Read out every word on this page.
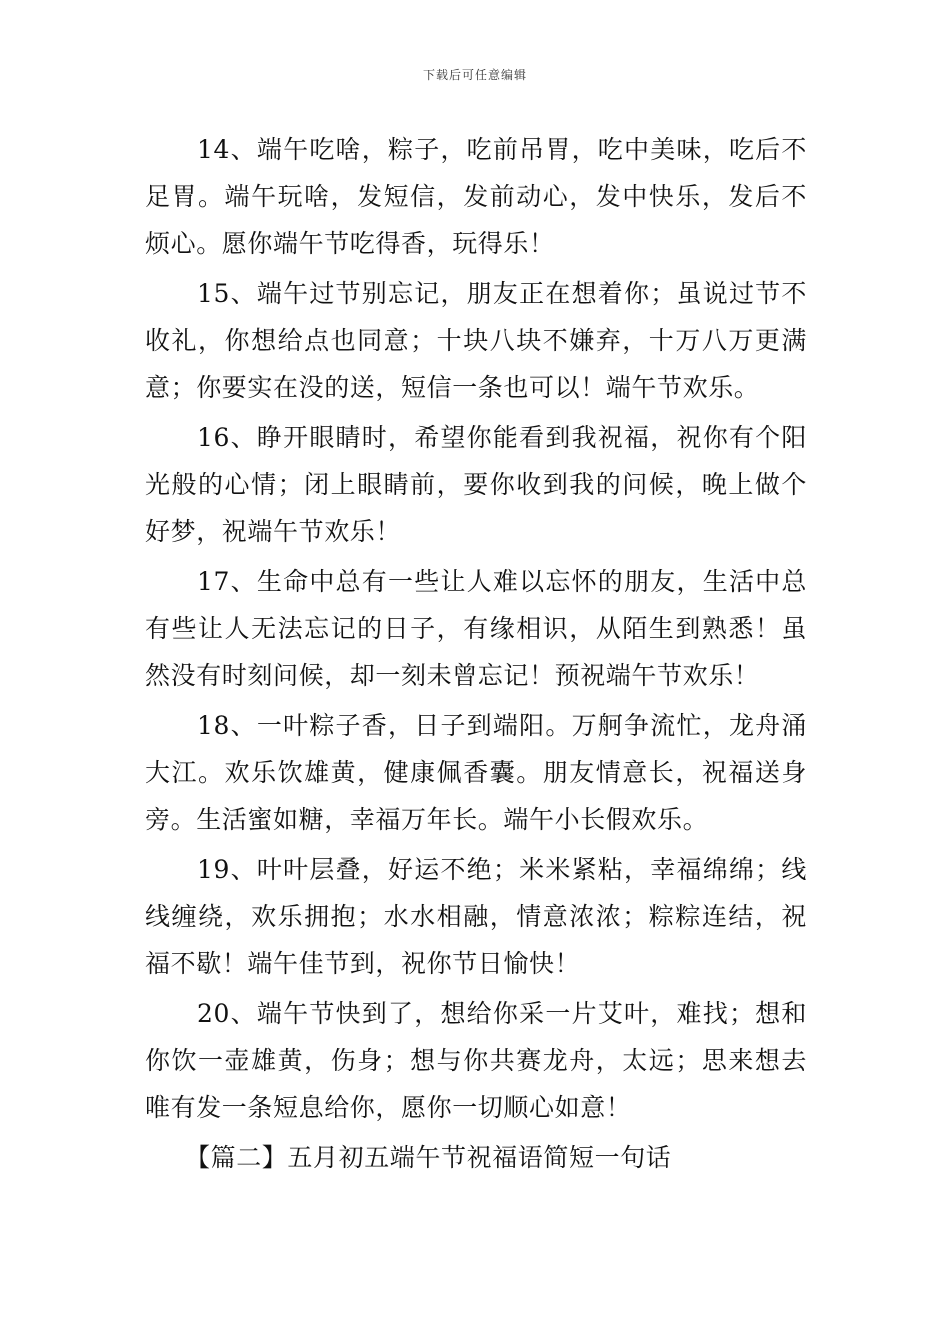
下载后可任意编辑

14、端午吃啥，粽子，吃前吊胃，吃中美味，吃后不足胃。端午玩啥，发短信，发前动心，发中快乐，发后不烦心。愿你端午节吃得香，玩得乐！

15、端午过节别忘记，朋友正在想着你；虽说过节不收礼，你想给点也同意；十块八块不嫌弃，十万八万更满意；你要实在没的送，短信一条也可以！端午节欢乐。

16、睁开眼睛时，希望你能看到我祝福，祝你有个阳光般的心情；闭上眼睛前，要你收到我的问候，晚上做个好梦，祝端午节欢乐！

17、生命中总有一些让人难以忘怀的朋友，生活中总有些让人无法忘记的日子，有缘相识，从陌生到熟悉！虽然没有时刻问候，却一刻未曾忘记！预祝端午节欢乐！

18、一叶粽子香，日子到端阳。万舸争流忙，龙舟涌大江。欢乐饮雄黄，健康佩香囊。朋友情意长，祝福送身旁。生活蜜如糖，幸福万年长。端午小长假欢乐。

19、叶叶层叠，好运不绝；米米紧粘，幸福绵绵；线线缠绕，欢乐拥抱；水水相融，情意浓浓；粽粽连结，祝福不歇！端午佳节到，祝你节日愉快！

20、端午节快到了，想给你采一片艾叶，难找；想和你饮一壶雄黄，伤身；想与你共赛龙舟，太远；思来想去唯有发一条短息给你，愿你一切顺心如意！

【篇二】五月初五端午节祝福语简短一句话
